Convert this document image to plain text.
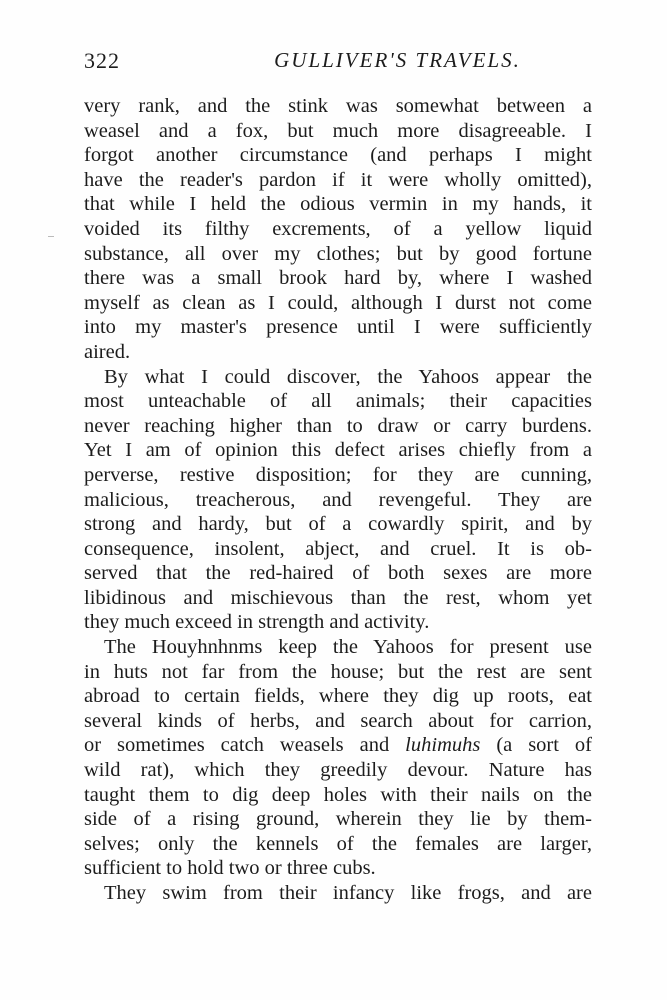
322	GULLIVER'S TRAVELS.
very rank, and the stink was somewhat between a
weasel and a fox, but much more disagreeable. I
forgot another circumstance (and perhaps I might
have the reader's pardon if it were wholly omitted),
that while I held the odious vermin in my hands, it
voided its filthy excrements, of a yellow liquid
substance, all over my clothes; but by good fortune
there was a small brook hard by, where I washed
myself as clean as I could, although I durst not come
into my master's presence until I were sufficiently
aired.
By what I could discover, the Yahoos appear the
most unteachable of all animals; their capacities
never reaching higher than to draw or carry burdens.
Yet I am of opinion this defect arises chiefly from a
perverse, restive disposition; for they are cunning,
malicious, treacherous, and revengeful. They are
strong and hardy, but of a cowardly spirit, and by
consequence, insolent, abject, and cruel. It is ob-
served that the red-haired of both sexes are more
libidinous and mischievous than the rest, whom yet
they much exceed in strength and activity.
The Houyhnhnms keep the Yahoos for present use
in huts not far from the house; but the rest are sent
abroad to certain fields, where they dig up roots, eat
several kinds of herbs, and search about for carrion,
or sometimes catch weasels and luhimuhs (a sort of
wild rat), which they greedily devour. Nature has
taught them to dig deep holes with their nails on the
side of a rising ground, wherein they lie by them-
selves; only the kennels of the females are larger,
sufficient to hold two or three cubs.
They swim from their infancy like frogs, and are
